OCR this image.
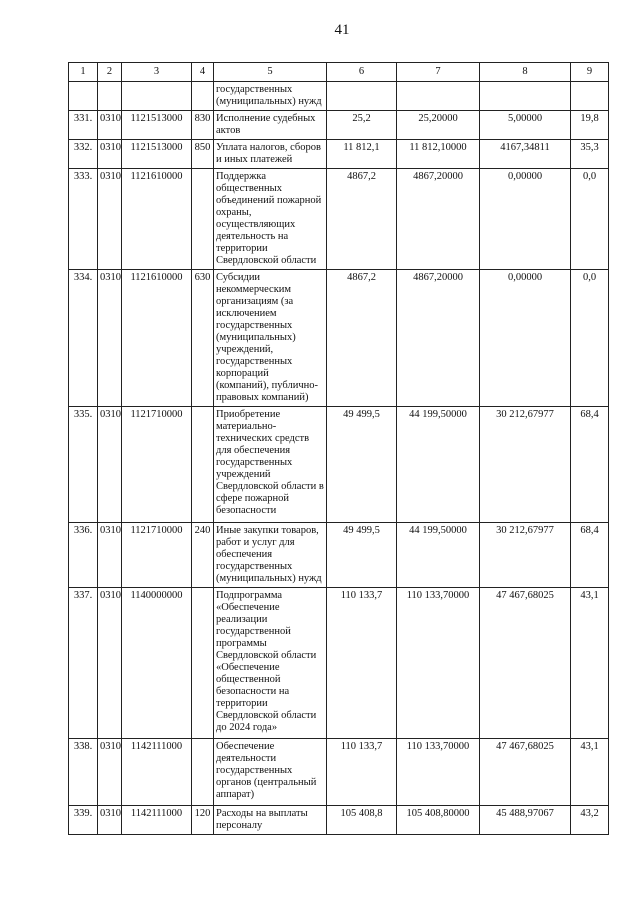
41
1	2	3	4	5	6	7	8	9
				государственных (муниципальных) нужд				
331.	0310	1121513000	830	Исполнение судебных актов	25,2	25,20000	5,00000	19,8
332.	0310	1121513000	850	Уплата налогов, сборов и иных платежей	11 812,1	11 812,10000	4167,34811	35,3
333.	0310	1121610000		Поддержка общественных объединений пожарной охраны, осуществляющих деятельность на территории Свердловской области	4867,2	4867,20000	0,00000	0,0
334.	0310	1121610000	630	Субсидии некоммерческим организациям (за исключением государственных (муниципальных) учреждений, государственных корпораций (компаний), публично-правовых компаний)	4867,2	4867,20000	0,00000	0,0
335.	0310	1121710000		Приобретение материально-технических средств для обеспечения государственных учреждений Свердловской области в сфере пожарной безопасности	49 499,5	44 199,50000	30 212,67977	68,4
336.	0310	1121710000	240	Иные закупки товаров, работ и услуг для обеспечения государственных (муниципальных) нужд	49 499,5	44 199,50000	30 212,67977	68,4
337.	0310	1140000000		Подпрограмма «Обеспечение реализации государственной программы Свердловской области «Обеспечение общественной безопасности на территории Свердловской области до 2024 года»	110 133,7	110 133,70000	47 467,68025	43,1
338.	0310	1142111000		Обеспечение деятельности государственных органов (центральный аппарат)	110 133,7	110 133,70000	47 467,68025	43,1
339.	0310	1142111000	120	Расходы на выплаты персоналу	105 408,8	105 408,80000	45 488,97067	43,2
